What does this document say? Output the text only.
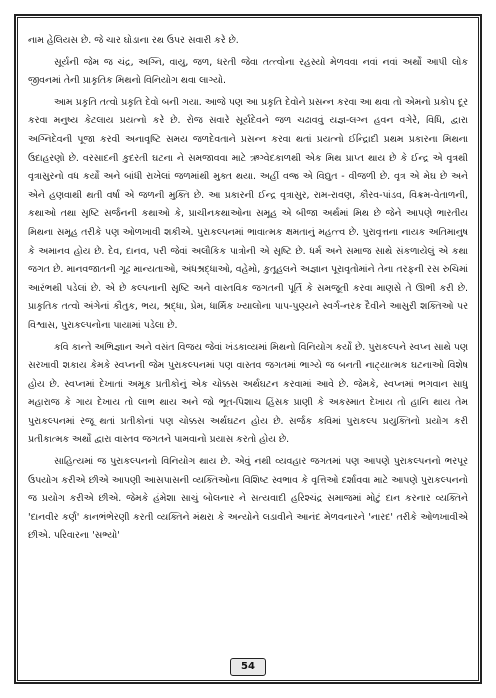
નામ હેલિયસ છે. જે ચાર ઘોડાના રથ ઉપર સવારી કરે છે.

સૂર્યની જેમ જ ચંદ્ર, અગ્નિ, વાયુ, જળ, ધરતી જેવા તત્ત્વોના રહસ્યો મેળવવા નવાં નવાં અર્થો આપી લોક જીવનમાં તેની પ્રાકૃતિક મિથનો વિનિયોગ થવા લાગ્યો.

આમ પ્રકૃતિ તત્વો પ્રકૃતિ દેવો બની ગયા. આજે પણ આ પ્રકૃતિ દેવોને પ્રસન્ન કરવા આ થવા તો એમનો પ્રકોપ દૂર કરવા મનુષ્ય કેટલાય પ્રયત્નો કરે છે. રોજ સવારે સૂર્યદેવને જળ ચઢાવવું યજ્ઞ-લગ્ન હવન વગેરે, વિધિ, દ્વારા અગ્નિદેવની પૂજા કરવી અનાવૃષ્ટિ સમય જળદેવતાને પ્રસન્ન કરવા થતાં પ્રયત્નો ઈન્દ્રિાદી પ્રથમ પ્રકારના મિથના ઉદાહરણો છે. વરસાદની કુદરતી ઘટના ને સમજાવવા માટે ઋગ્વેદકાળથી એક મિથ પ્રાપ્ત થાય છે કે ઈન્દ્ર એ વૃત્રથી વૃત્રાસુરનો વધ કર્યો અને બાંધી રાખેલાં જળમાંથી મુક્ત થયા. અહીં વજ્ર એ વિદ્યુત - વીજળી છે. વૃત્ર એ મેઘ છે અને એને હણવાથી થતી વર્ષા એ જળની મુક્તિ છે. આ પ્રકારની ઈન્દ્ર વૃત્રાસુર, રામ-રાવણ, કૌરવ-પાંડવ, વિક્રમ-વેતાળની, કથાઓ તથા સૃષ્ટિ સર્જનની કથાઓ કે, પ્રાચીનકથાઓના સમૂહ એ બીજા અર્થમાં મિથ છે જેને આપણે ભારતીય મિથના સમૂહ તરીકે પણ ઓળખાવી શકીએ. પુરાકલ્પનમાં ભાવાત્મક ક્ષમતાનું મહત્ત્વ છે. પુરાવૃત્તના નાયક અતિમાનુષ કે અમાનવ હોય છે. દેવ, દાનવ, પરી જેવાં અલૌકિક પાત્રોની એ સૃષ્ટિ છે. ધર્મ અને સમાજ સાથે સંકળાયેલું એ કથા જગત છે. માનવજાતની ગૂઢ માન્યતાઓ, અંધશ્રદ્ધાઓ, વહેમો, કુતૂહલને અજ્ઞાન પૂરાવૃતોમાંને તેના તરફની રસ રુચિમાં આરંભથી પડેલાં છે. એ છે કલ્પનાની સૃષ્ટિ અને વાસ્તવિક જગતની પૂર્તિ કે સમજૂતી કરવા માણસે તે ઊભી કરી છે. પ્રાકૃતિક તત્વો અંગેનાં કૌતુક, ભય, શ્રદ્ધા, પ્રેમ, ધાર્મિક ખ્યાલોના પાપ-પુણ્યને સ્વર્ગ-નરક દૈવીને આસુરી શક્તિઓ પર વિશ્વાસ, પુરાકલ્પનોના પાયામાં પડેલા છે.

કવિ કાન્તે અભિજ્ઞાન અને વસંત વિજય જેવાં ખંડકાવ્યમાં મિથનો વિનિયોગ કર્યો છે. પુરાકલ્પને સ્વપ્ન સાથે પણ સરખાવી શકાય કેમકે સ્વપ્નની જેમ પુરાકલ્પનમાં પણ વાસ્તવ જગતમાં ભાગ્યે જ બનતી નાટ્યાત્મક ઘટનાઓ વિશેષ હોય છે. સ્વપ્નમાં દેખાતાં અમૂક પ્રતીકોનું એક ચોક્કસ અર્થઘટન કરવામાં આવે છે. જેમકે, સ્વપ્નમાં ભગવાન સાધુ મહારાજ કે ગાય દેખાય તો લાભ થાય અને જો ભૂત-પિશાચ હિંસક પ્રાણી કે અકસ્માત દેખાય તો હાનિ થાય તેમ પુરાકલ્પનમાં રજૂ થતાં પ્રતીકોનાં પણ ચોક્કસ અર્થઘટન હોય છે. સર્જક કવિમાં પુરાકલ્પ પ્રયુક્તિનો પ્રયોગ કરી પ્રતીકાત્મક અર્થો દ્વારા વાસ્તવ જગતને પામવાનો પ્રયાસ કરતો હોય છે.

સાહિત્યમાં જ પુરાકલ્પનનો વિનિયોગ થાય છે. એવું નથી વ્યવહાર જગતમાં પણ આપણે પુરાકલ્પનનો ભરપૂર ઉપયોગ કરીએ છીએ આપણી આસપાસની વ્યક્તિઓના વિશિષ્ટ સ્વભાવ કે વૃત્તિઓ દર્શાવવા માટે આપણે પુરાકલ્પનનો જ પ્રયોગ કરીએ છીએ. જેમકે હંમેશા સાચું બોલનાર ને સત્યવાદી હરિશ્ચંદ્ર સમાજમાં મોટું દાન કરનાર વ્યક્તિને 'દાનવીર કર્ણ' કાનભંભેરણી કરતી વ્યક્તિને મંથરા કે અન્યોને લડાવીને આનંદ મેળવનારને 'નારદ' તરીકે ઓળખાવીએ છીએ. પરિવારના 'સભ્યો'

54
